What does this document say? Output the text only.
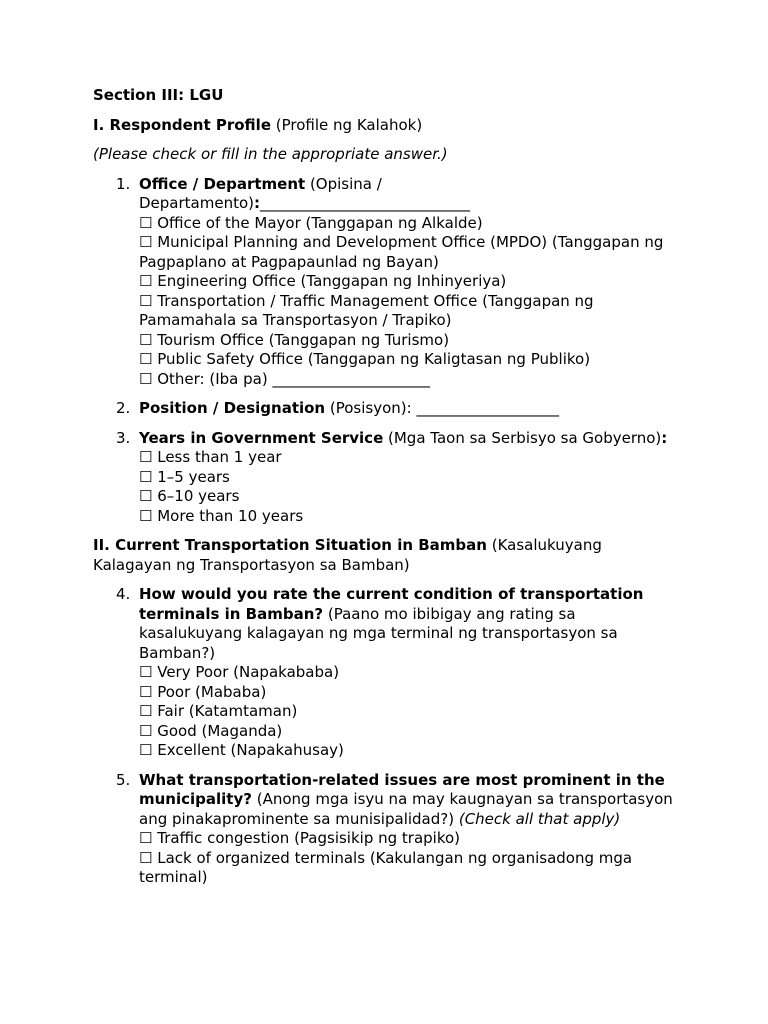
Section III: LGU
I. Respondent Profile (Profile ng Kalahok)
(Please check or fill in the appropriate answer.)
1. Office / Department (Opisina / Departamento):____________________________
☐ Office of the Mayor (Tanggapan ng Alkalde)
☐ Municipal Planning and Development Office (MPDO) (Tanggapan ng Pagpaplano at Pagpapaunlad ng Bayan)
☐ Engineering Office (Tanggapan ng Inhinyeriya)
☐ Transportation / Traffic Management Office (Tanggapan ng Pamamahala sa Transportasyon / Trapiko)
☐ Tourism Office (Tanggapan ng Turismo)
☐ Public Safety Office (Tanggapan ng Kaligtasan ng Publiko)
☐ Other: (Iba pa) _____________________
2. Position / Designation (Posisyon): ___________________
3. Years in Government Service (Mga Taon sa Serbisyo sa Gobyerno):
☐ Less than 1 year
☐ 1–5 years
☐ 6–10 years
☐ More than 10 years
II. Current Transportation Situation in Bamban (Kasalukuyang Kalagayan ng Transportasyon sa Bamban)
4. How would you rate the current condition of transportation terminals in Bamban? (Paano mo ibibigay ang rating sa kasalukuyang kalagayan ng mga terminal ng transportasyon sa Bamban?)
☐ Very Poor (Napakababa)
☐ Poor (Mababa)
☐ Fair (Katamtaman)
☐ Good (Maganda)
☐ Excellent (Napakahusay)
5. What transportation-related issues are most prominent in the municipality? (Anong mga isyu na may kaugnayan sa transportasyon ang pinakaprominente sa munisipalidad?) (Check all that apply)
☐ Traffic congestion (Pagsisikip ng trapiko)
☐ Lack of organized terminals (Kakulangan ng organisadong mga terminal)
